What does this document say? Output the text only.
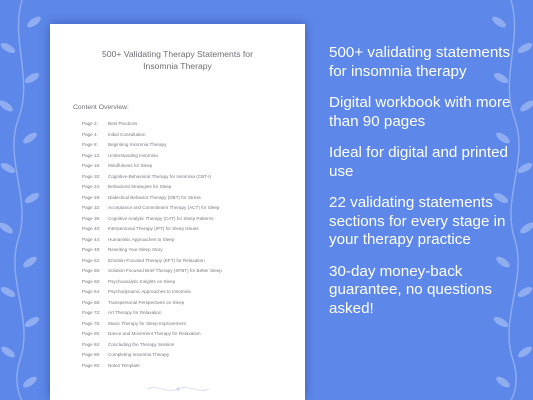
500+ Validating Therapy Statements for
Insomnia Therapy
Content Overview:
Page 2: Best Practices
Page 4: Initial Consultation
Page 8: Beginning Insomnia Therapy
Page 12: Understanding Insomnia
Page 16: Mindfulness for Sleep
Page 20: Cognitive-Behavioral Therapy for Insomnia (CBT-I)
Page 24: Behavioral Strategies for Sleep
Page 28: Dialectical Behavior Therapy (DBT) for Stress
Page 32: Acceptance and Commitment Therapy (ACT) for Sleep
Page 36: Cognitive Analytic Therapy (CAT) for Sleep Patterns
Page 40: Interpersonal Therapy (IPT) for Sleep Issues
Page 44: Humanistic Approaches to Sleep
Page 48: Rewriting Your Sleep Story
Page 52: Emotion-Focused Therapy (EFT) for Relaxation
Page 56: Solution-Focused Brief Therapy (SFBT) for Better Sleep
Page 60: Psychoanalytic Insights on Sleep
Page 64: Psychodynamic Approaches to Insomnia
Page 68: Transpersonal Perspectives on Sleep
Page 72: Art Therapy for Relaxation
Page 76: Music Therapy for Sleep Improvement
Page 80: Dance and Movement Therapy for Relaxation
Page 84: Concluding the Therapy Session
Page 88: Completing Insomnia Therapy
Page 92: Notes Template
500+ validating statements for insomnia therapy
Digital workbook with more than 90 pages
Ideal for digital and printed use
22 validating statements sections for every stage in your therapy practice
30-day money-back guarantee, no questions asked!
